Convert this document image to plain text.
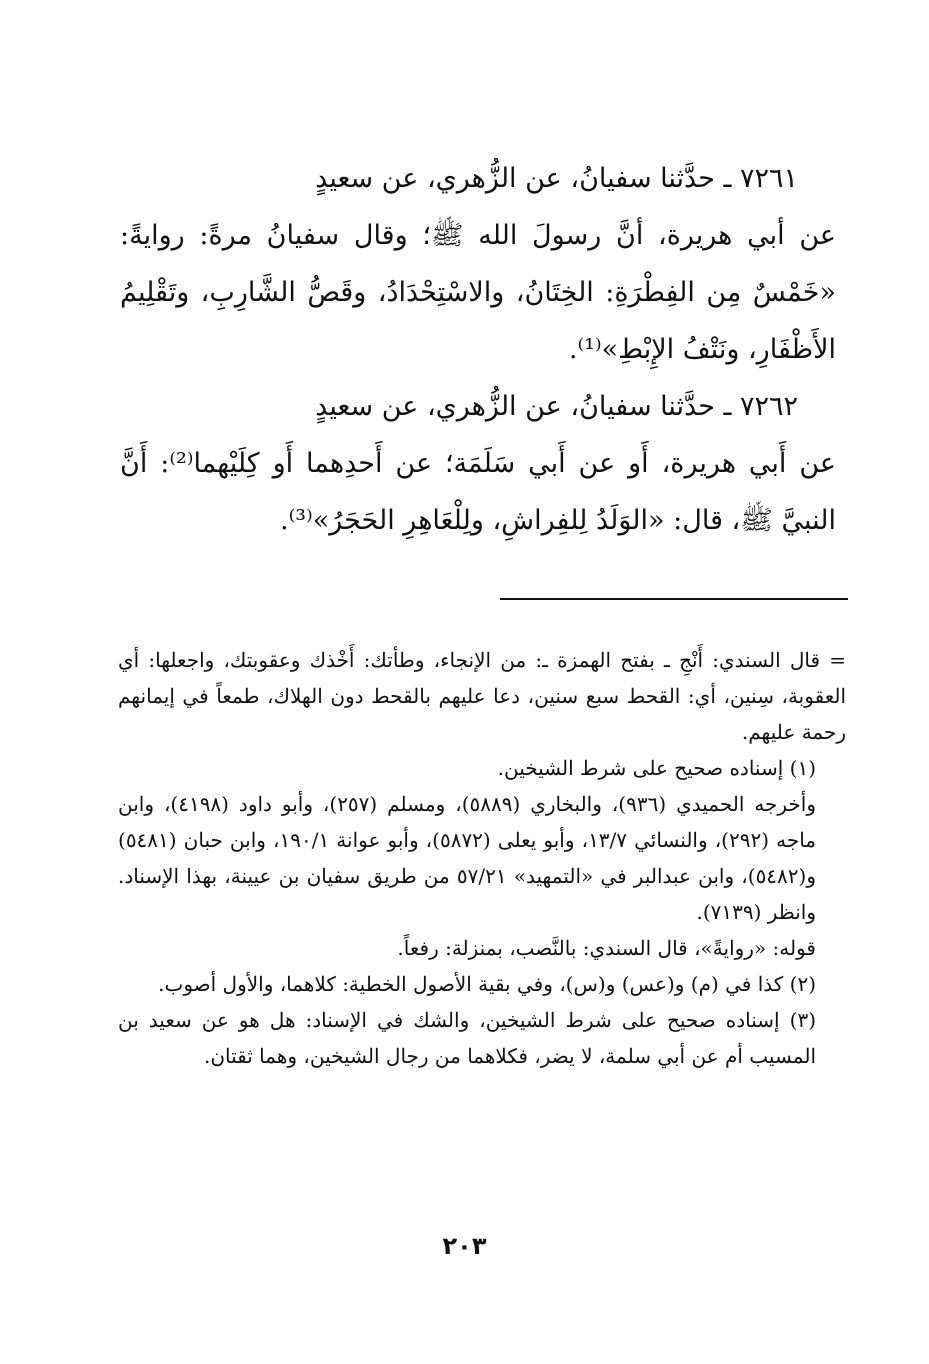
٧٢٦١ ـ حدَّثنا سفيانُ، عن الزُّهري، عن سعيدٍ

عن أبي هريرة، أنَّ رسولَ الله ﷺ؛ وقال سفيانُ مرةً: روايةً: «خَمْسٌ مِن الفِطْرَةِ: الخِتَانُ، والاسْتِحْدَادُ، وقَصُّ الشَّارِبِ، وتَقْلِيمُ الأَظْفَارِ، ونَتْفُ الإِبْطِ»⁽¹⁾.

٧٢٦٢ ـ حدَّثنا سفيانُ، عن الزُّهري، عن سعيدٍ

عن أَبي هريرة، أَو عن أَبي سَلَمَة؛ عن أَحدِهما أَو كِلَيْهما⁽²⁾: أَنَّ النبيَّ ﷺ، قال: «الوَلَدُ لِلفِراشِ، ولِلْعَاهِرِ الحَجَرُ»⁽³⁾.

= قال السندي: أَنْجِ ـ بفتح الهمزة ـ: من الإنجاء، وطأتك: أَخْذك وعقوبتك، واجعلها: أي العقوبة، سِنين، أي: القحط سبع سنين، دعا عليهم بالقحط دون الهلاك، طمعاً في إيمانهم رحمة عليهم.

(١) إسناده صحيح على شرط الشيخين.

وأخرجه الحميدي (٩٣٦)، والبخاري (٥٨٨٩)، ومسلم (٢٥٧)، وأبو داود (٤١٩٨)، وابن ماجه (٢٩٢)، والنسائي ١٣/٧، وأبو يعلى (٥٨٧٢)، وأبو عوانة ١٩٠/١، وابن حبان (٥٤٨١) و(٥٤٨٢)، وابن عبدالبر في «التمهيد» ٥٧/٢١ من طريق سفيان بن عيينة، بهذا الإسناد. وانظر (٧١٣٩).

قوله: «روايةً»، قال السندي: بالنَّصب، بمنزلة: رفعاً.

(٢) كذا في (م) و(عس) و(س)، وفي بقية الأصول الخطية: كلاهما، والأول أصوب.

(٣) إسناده صحيح على شرط الشيخين، والشك في الإسناد: هل هو عن سعيد بن المسيب أم عن أبي سلمة، لا يضر، فكلاهما من رجال الشيخين، وهما ثقتان.

٢٠٣
